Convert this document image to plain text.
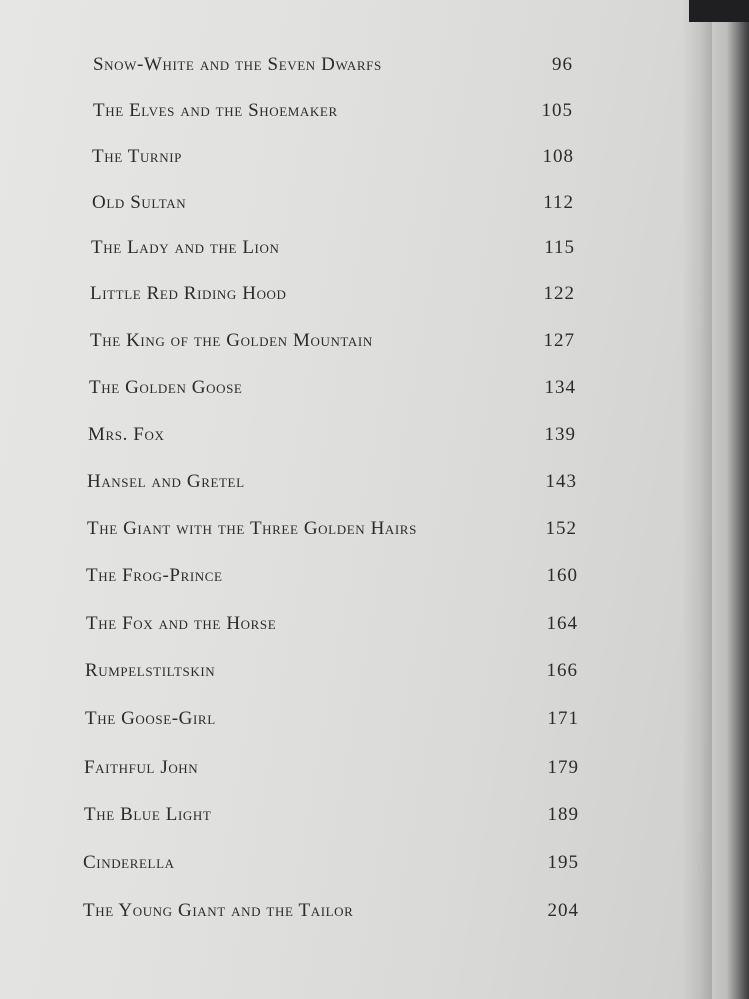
Snow-White and the Seven Dwarfs	96
The Elves and the Shoemaker	105
The Turnip	108
Old Sultan	112
The Lady and the Lion	115
Little Red Riding Hood	122
The King of the Golden Mountain	127
The Golden Goose	134
Mrs. Fox	139
Hansel and Gretel	143
The Giant with the Three Golden Hairs	152
The Frog-Prince	160
The Fox and the Horse	164
Rumpelstiltskin	166
The Goose-Girl	171
Faithful John	179
The Blue Light	189
Cinderella	195
The Young Giant and the Tailor	204
